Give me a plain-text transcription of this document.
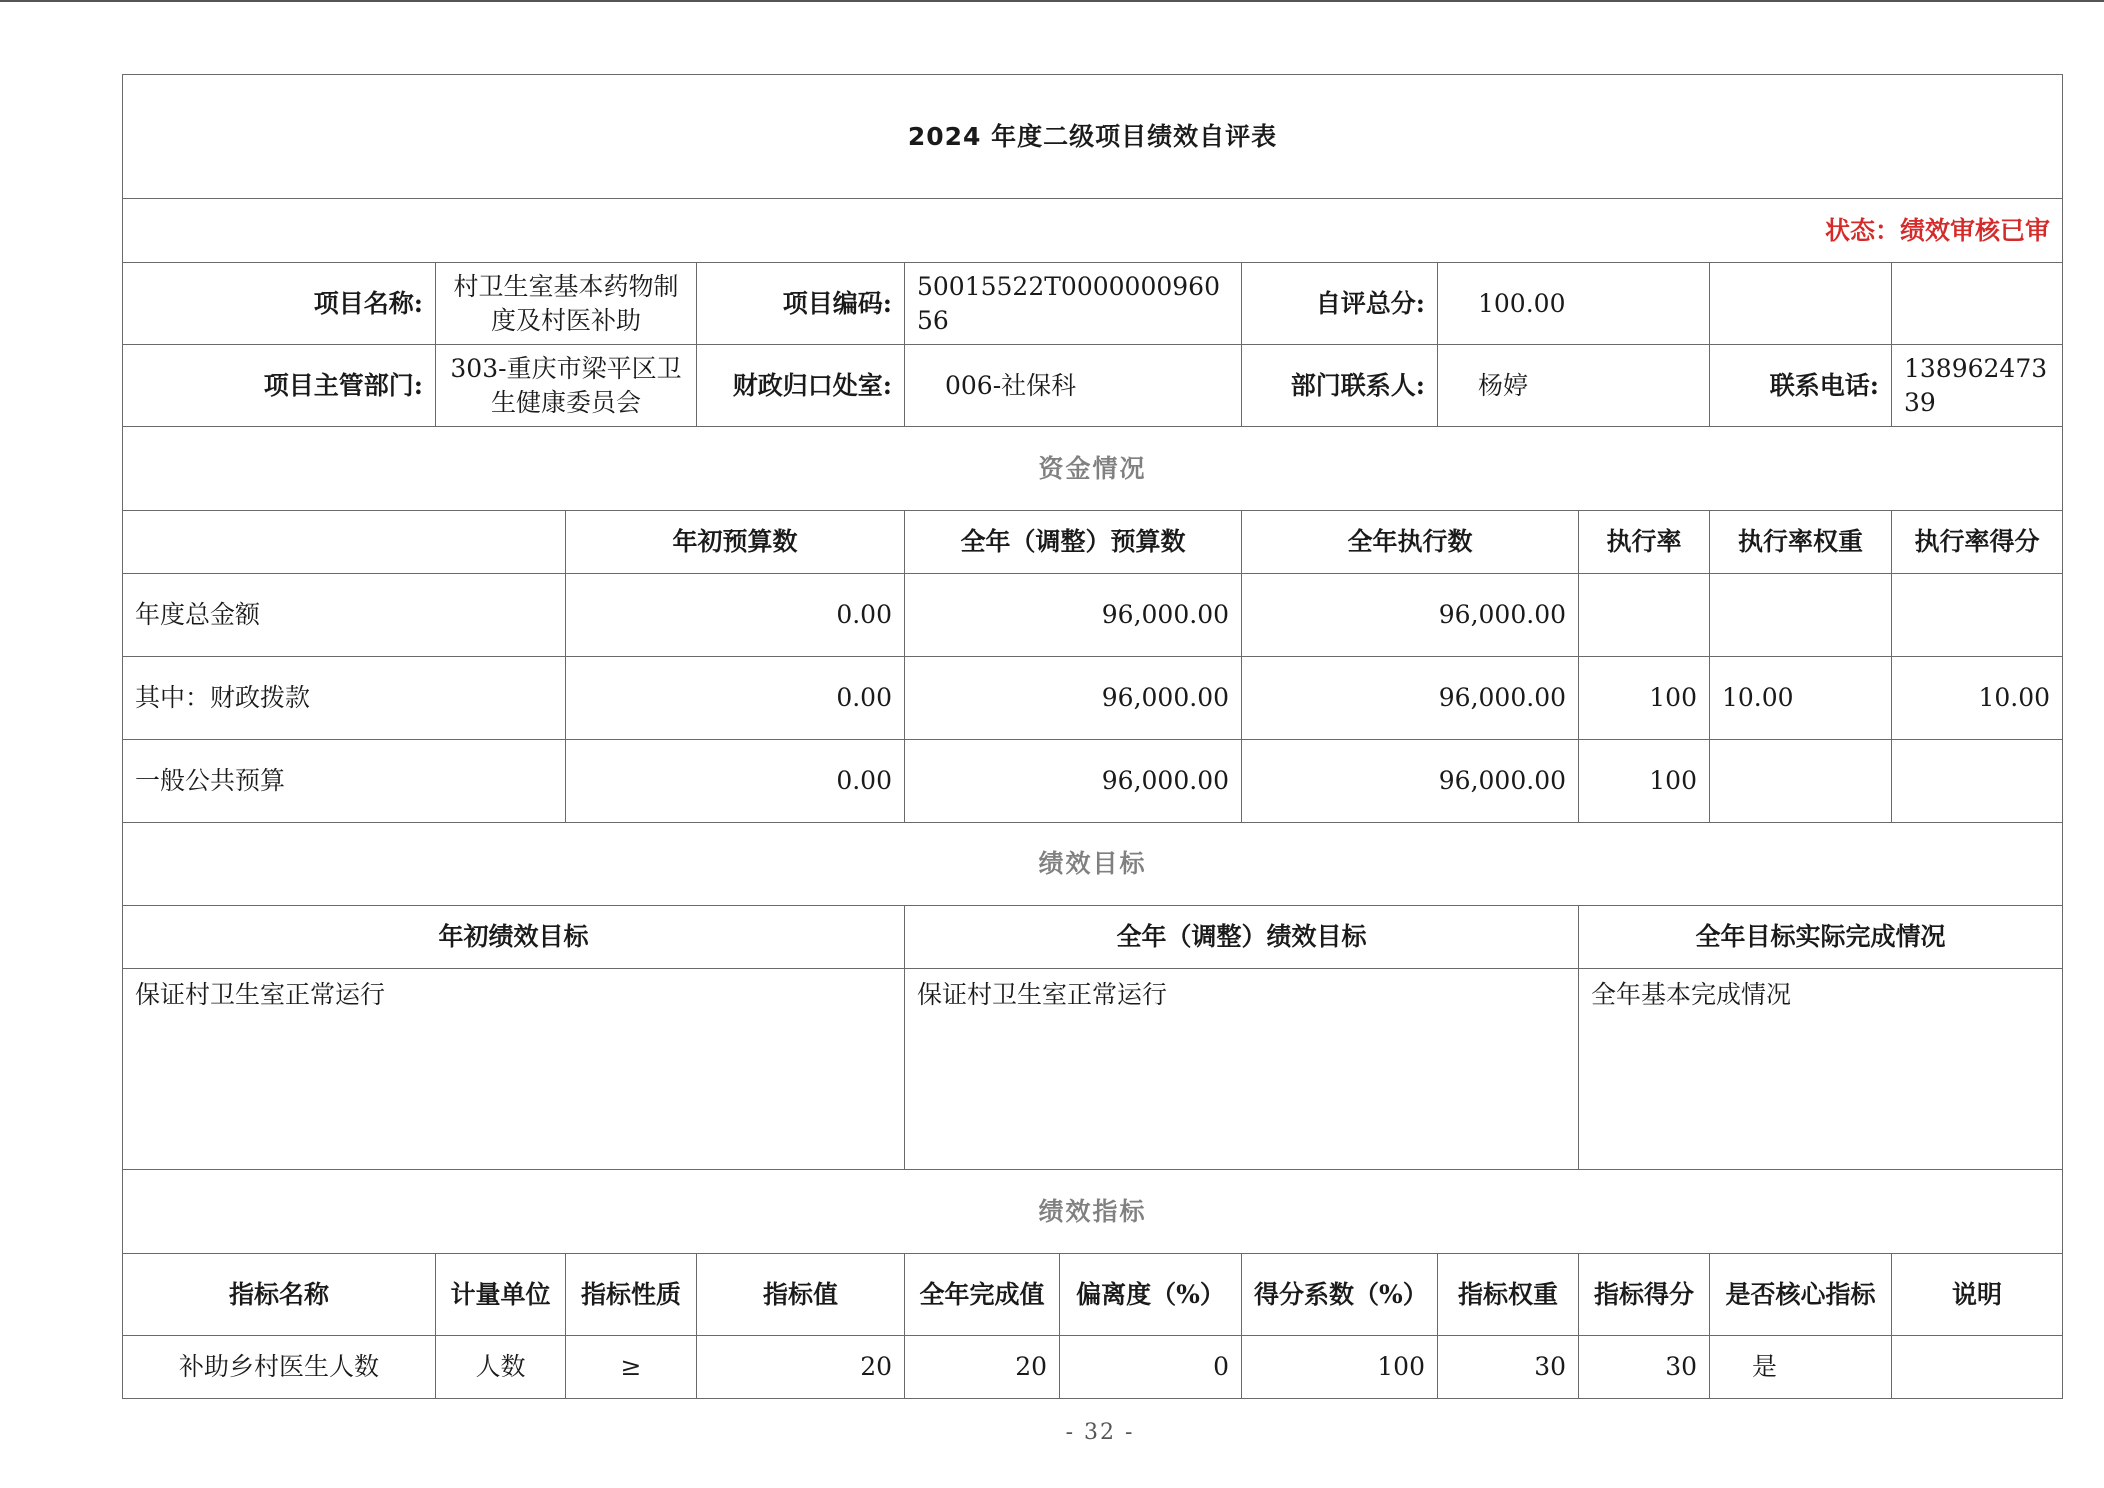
2024 年度二级项目绩效自评表										
状态：绩效审核已审										
项目名称:	村卫生室基本药物制度及村医补助		项目编码:	50015522T000000096056		自评总分:	100.00			
项目主管部门:	303-重庆市梁平区卫生健康委员会		财政归口处室:	006-社保科		部门联系人:	杨婷		联系电话:	13896247339
资金情况										
		年初预算数		全年（调整）预算数		全年执行数		执行率	执行率权重	执行率得分
年度总金额		0.00		96,000.00		96,000.00				
其中：财政拨款		0.00		96,000.00		96,000.00		100	10.00	10.00
一般公共预算		0.00		96,000.00		96,000.00		100		
绩效目标										
年初绩效目标				全年（调整）绩效目标				全年目标实际完成情况		
保证村卫生室正常运行				保证村卫生室正常运行				全年基本完成情况		
绩效指标										
指标名称	计量单位	指标性质	指标值	全年完成值	偏离度（%）	得分系数（%）	指标权重	指标得分	是否核心指标	说明
补助乡村医生人数	人数	≥	20	20	0	100	30	30	是	
- 32 -
